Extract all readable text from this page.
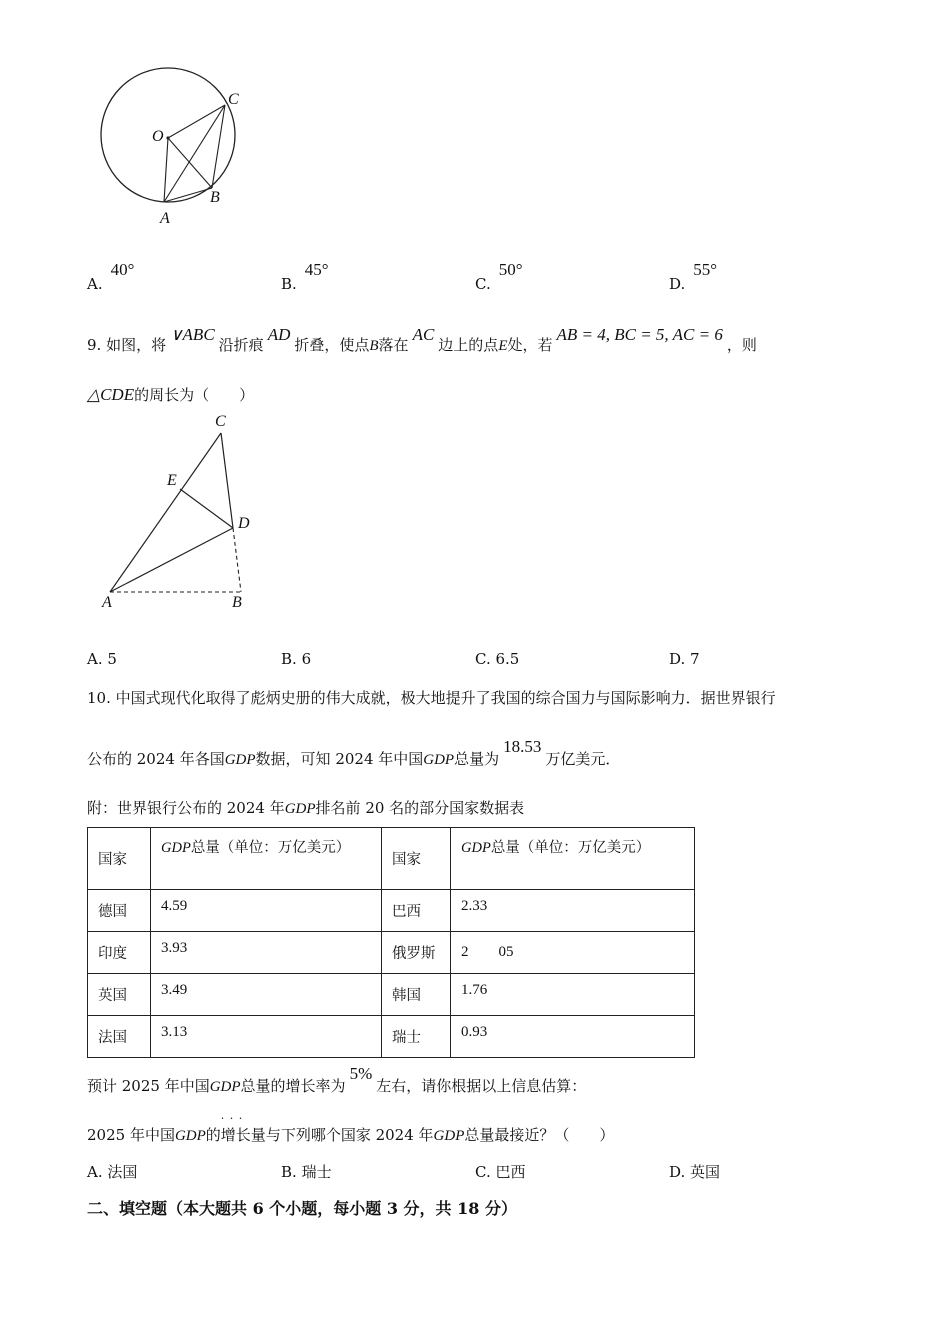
O
C
A
B
A.40°
B.45°
C.50°
D.55°
9. 如图，将∨ABC沿折痕AD折叠，使点B落在AC边上的点E处，若AB = 4, BC = 5, AC = 6，则
△CDE的周长为（　　）
C
E
D
A	B
A. 5	B. 6	C. 6.5	D. 7
10. 中国式现代化取得了彪炳史册的伟大成就，极大地提升了我国的综合国力与国际影响力．据世界银行
公布的 2024 年各国GDP数据，可知 2024 年中国GDP总量为18.53万亿美元．
附：世界银行公布的 2024 年GDP排名前 20 名的部分国家数据表
国家	GDP总量（单位：万亿美元）	国家	GDP总量（单位：万亿美元）
德国	4.59	巴西	2.33
印度	3.93	俄罗斯	2　　05
英国	3.49	韩国	1.76
法国	3.13	瑞士	0.93
预计 2025 年中国GDP总量的增长率为5%左右，请你根据以上信息估算：
2025 年中国GDP的· · · 增长量与下列哪个国家 2024 年GDP总量最接近？（　　）
A. 法国	B. 瑞士	C. 巴西	D. 英国
二、填空题（本大题共 6 个小题，每小题 3 分，共 18 分）
